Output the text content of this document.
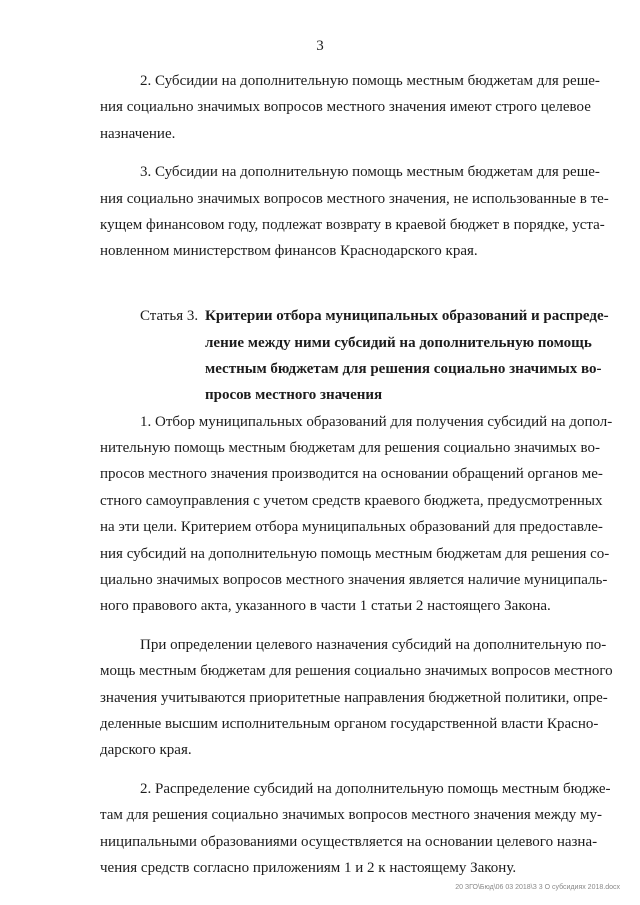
3
2. Субсидии на дополнительную помощь местным бюджетам для реше-
ния социально значимых вопросов местного значения имеют строго целевое
назначение.
3. Субсидии на дополнительную помощь местным бюджетам для реше-
ния социально значимых вопросов местного значения, не использованные в те-
кущем финансовом году, подлежат возврату в краевой бюджет в порядке, уста-
новленном министерством финансов Краснодарского края.
Статья 3. Критерии отбора муниципальных образований и распреде-
ление между ними субсидий на дополнительную помощь
местным бюджетам для решения социально значимых во-
просов местного значения
1. Отбор муниципальных образований для получения субсидий на допол-
нительную помощь местным бюджетам для решения социально значимых во-
просов местного значения производится на основании обращений органов ме-
стного самоуправления с учетом средств краевого бюджета, предусмотренных
на эти цели. Критерием отбора муниципальных образований для предоставле-
ния субсидий на дополнительную помощь местным бюджетам для решения со-
циально значимых вопросов местного значения является наличие муниципаль-
ного правового акта, указанного в части 1 статьи 2 настоящего Закона.
При определении целевого назначения субсидий на дополнительную по-
мощь местным бюджетам для решения социально значимых вопросов местного
значения учитываются приоритетные направления бюджетной политики, опре-
деленные высшим исполнительным органом государственной власти Красно-
дарского края.
2. Распределение субсидий на дополнительную помощь местным бюдже-
там для решения социально значимых вопросов местного значения между му-
ниципальными образованиями осуществляется на основании целевого назна-
чения средств согласно приложениям 1 и 2 к настоящему Закону.
20 ЗГО\Бюд\06 03 2018\З 3 О субсидиях 2018.docx
